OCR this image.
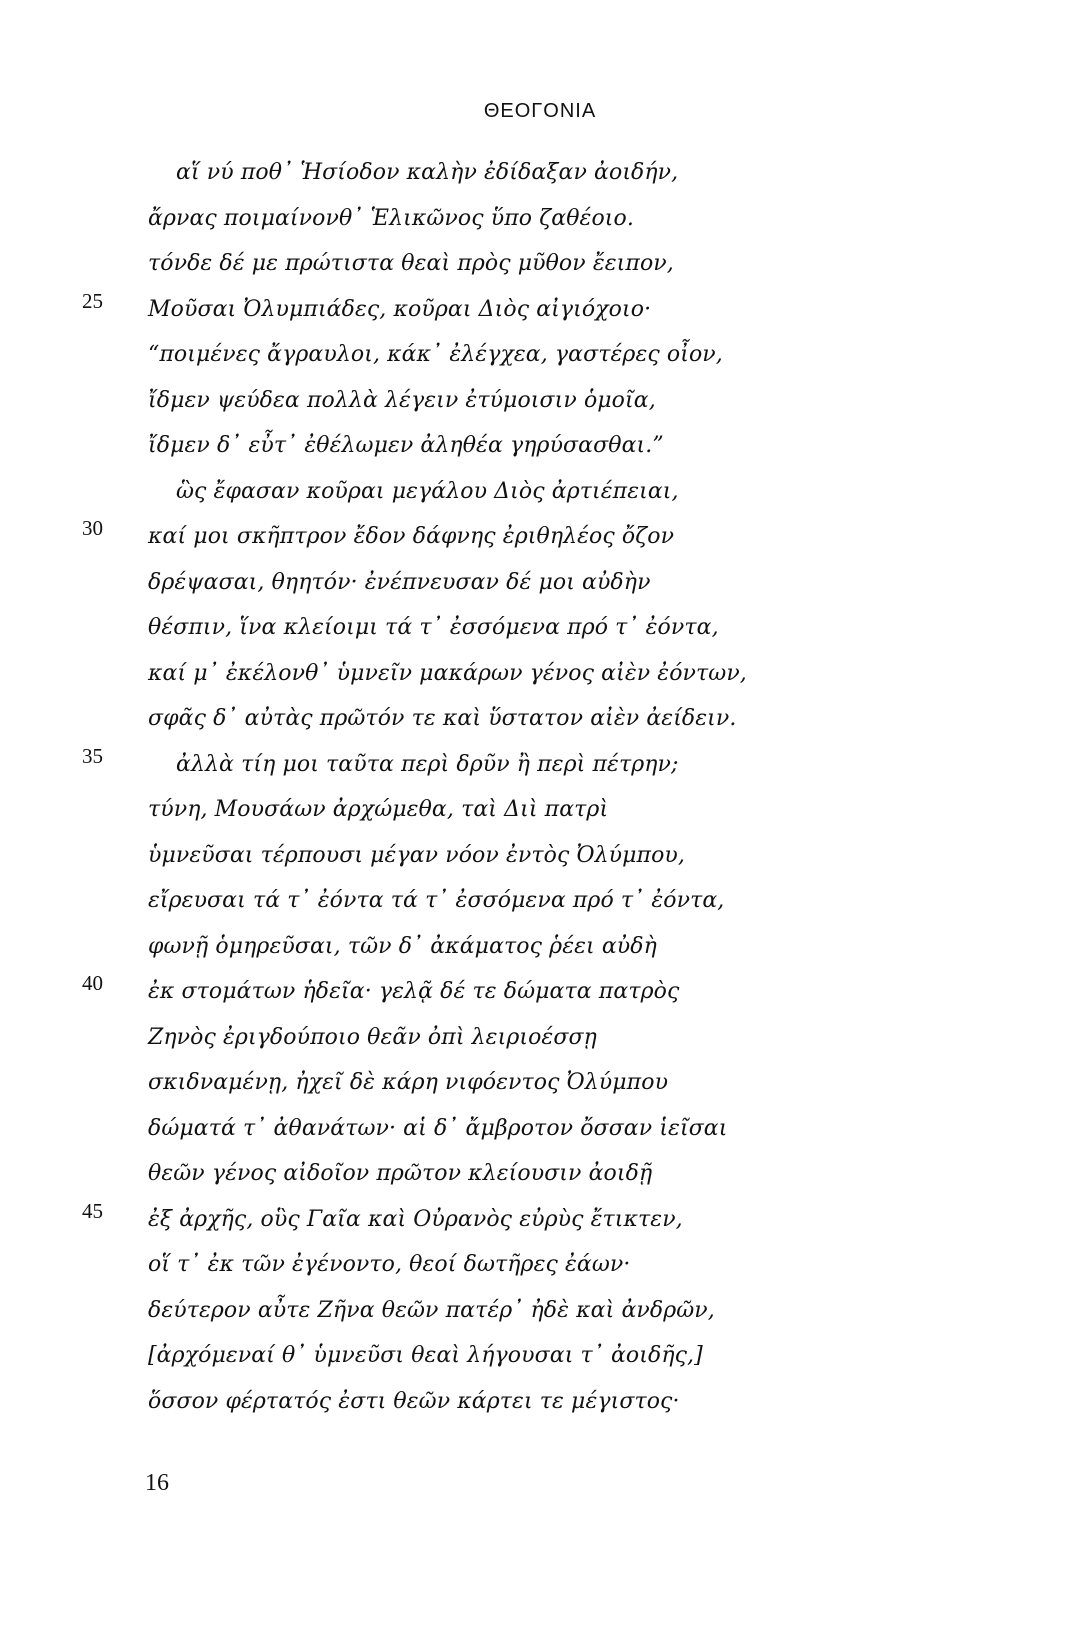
ΘΕΟΓΟΝΙΑ
αἵ νύ ποθ᾽ Ἡσίοδον καλὴν ἐδίδαξαν ἀοιδήν,
ἄρνας ποιμαίνονθ᾽ Ἑλικῶνος ὕπο ζαθέοιο.
τόνδε δέ με πρώτιστα θεαὶ πρὸς μῦθον ἔειπον,
25	Μοῦσαι Ὀλυμπιάδες, κοῦραι Διὸς αἰγιόχοιο·
“ποιμένες ἄγραυλοι, κάκ᾽ ἐλέγχεα, γαστέρες οἶον,
ἴδμεν ψεύδεα πολλὰ λέγειν ἐτύμοισιν ὁμοῖα,
ἴδμεν δ᾽ εὖτ᾽ ἐθέλωμεν ἀληθέα γηρύσασθαι.”
ὣς ἔφασαν κοῦραι μεγάλου Διὸς ἀρτιέπειαι,
30	καί μοι σκῆπτρον ἔδον δάφνης ἐριθηλέος ὄζον
δρέψασαι, θηητόν· ἐνέπνευσαν δέ μοι αὐδὴν
θέσπιν, ἵνα κλείοιμι τά τ᾽ ἐσσόμενα πρό τ᾽ ἐόντα,
καί μ᾽ ἐκέλονθ᾽ ὑμνεῖν μακάρων γένος αἰὲν ἐόντων,
σφᾶς δ᾽ αὐτὰς πρῶτόν τε καὶ ὕστατον αἰὲν ἀείδειν.
35	ἀλλὰ τίη μοι ταῦτα περὶ δρῦν ἢ περὶ πέτρην;
τύνη, Μουσάων ἀρχώμεθα, ταὶ Διὶ πατρὶ
ὑμνεῦσαι τέρπουσι μέγαν νόον ἐντὸς Ὀλύμπου,
εἴρευσαι τά τ᾽ ἐόντα τά τ᾽ ἐσσόμενα πρό τ᾽ ἐόντα,
φωνῇ ὁμηρεῦσαι, τῶν δ᾽ ἀκάματος ῥέει αὐδὴ
40	ἐκ στομάτων ἡδεῖα· γελᾷ δέ τε δώματα πατρὸς
Ζηνὸς ἐριγδούποιο θεᾶν ὀπὶ λειριοέσσῃ
σκιδναμένῃ, ἠχεῖ δὲ κάρη νιφόεντος Ὀλύμπου
δώματά τ᾽ ἀθανάτων· αἱ δ᾽ ἄμβροτον ὄσσαν ἱεῖσαι
θεῶν γένος αἰδοῖον πρῶτον κλείουσιν ἀοιδῇ
45	ἐξ ἀρχῆς, οὓς Γαῖα καὶ Οὐρανὸς εὐρὺς ἔτικτεν,
οἵ τ᾽ ἐκ τῶν ἐγένοντο, θεοί δωτῆρες ἐάων·
δεύτερον αὖτε Ζῆνα θεῶν πατέρ᾽ ἠδὲ καὶ ἀνδρῶν,
[ἀρχόμεναί θ᾽ ὑμνεῦσι θεαὶ λήγουσαι τ᾽ ἀοιδῆς,]
ὅσσον φέρτατός ἐστι θεῶν κάρτει τε μέγιστος·
16
